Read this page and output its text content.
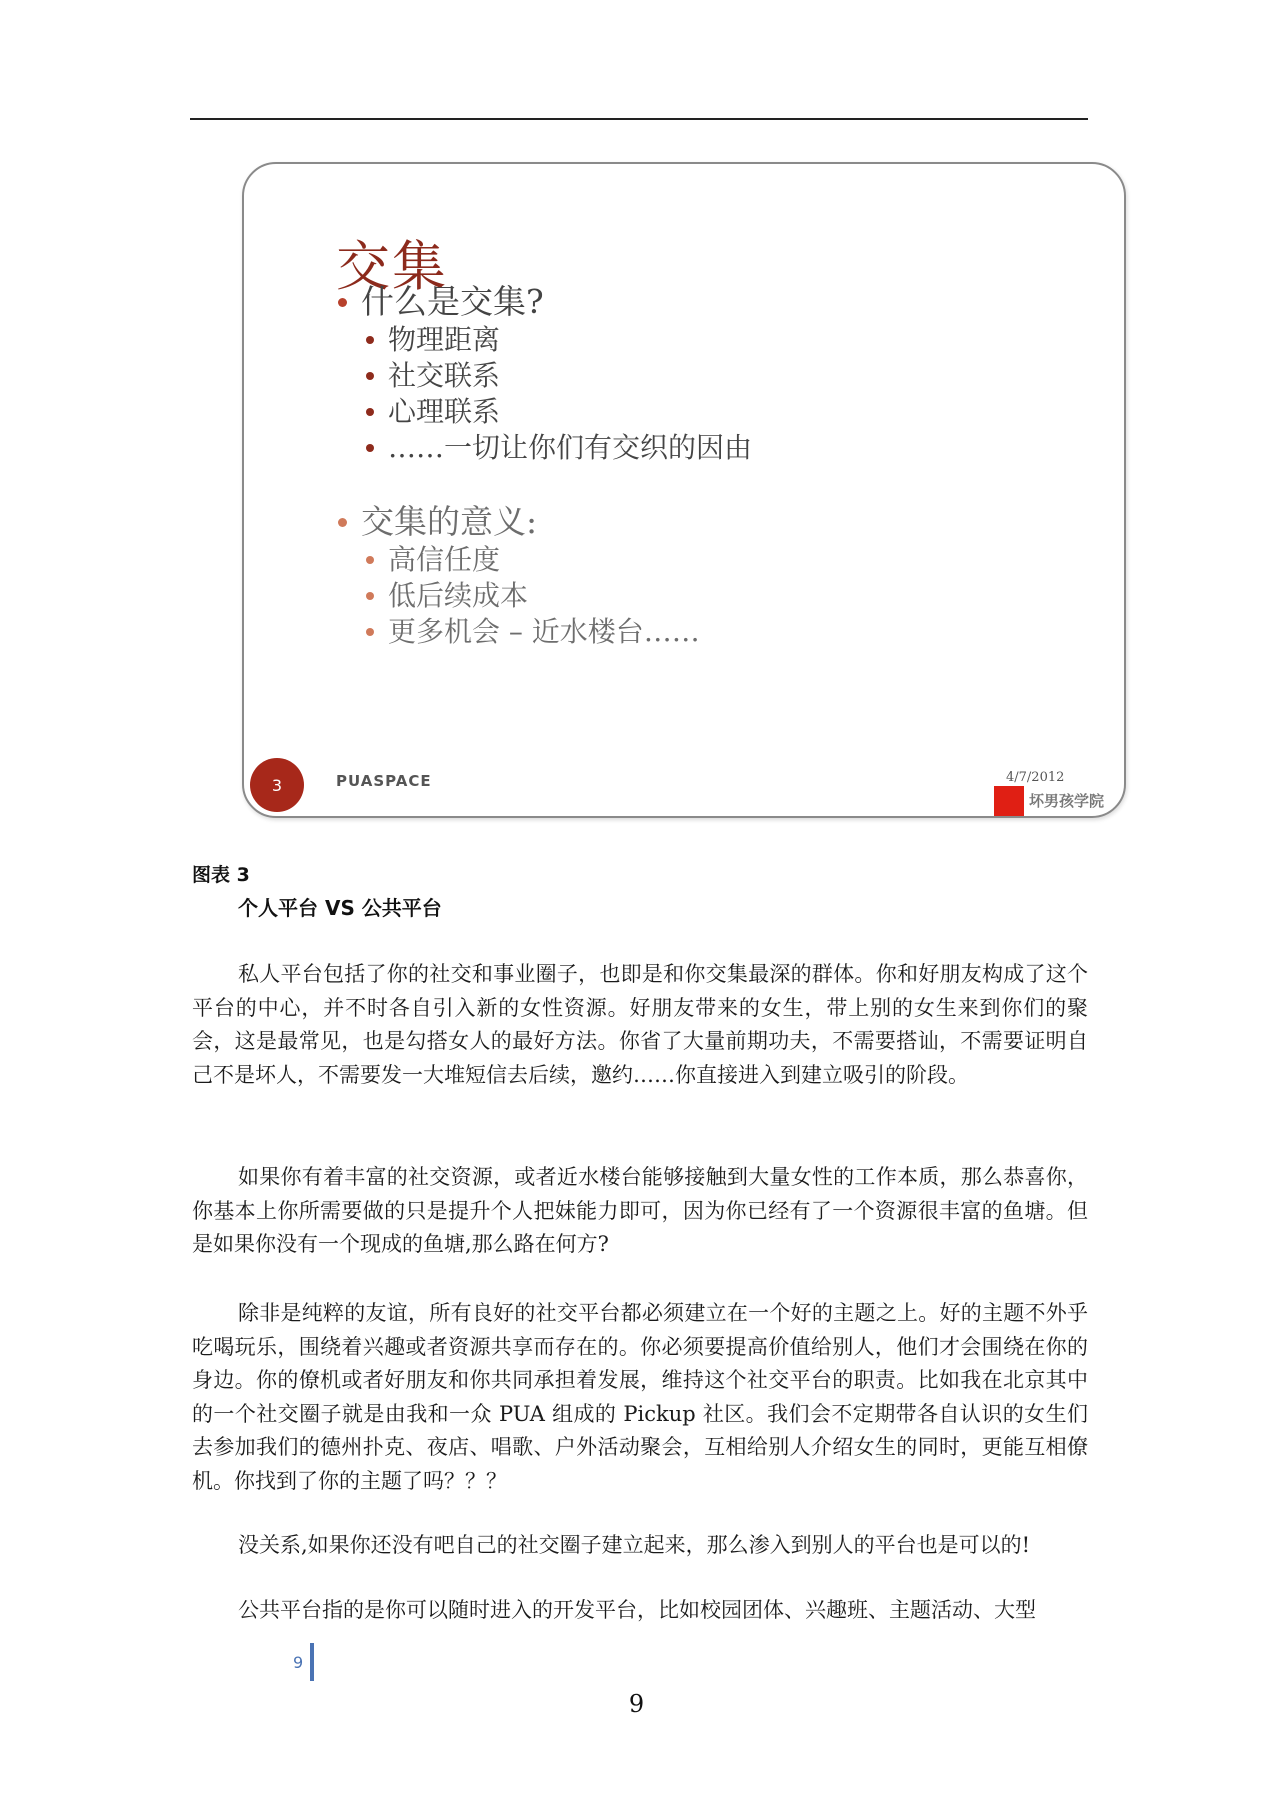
交集
什么是交集?
物理距离
社交联系
心理联系
……一切让你们有交织的因由
交集的意义:
高信任度
低后续成本
更多机会 – 近水楼台……
3	PUASPACE	4/7/2012
坏男孩学院
图表 3
个人平台 VS 公共平台
私人平台包括了你的社交和事业圈子，也即是和你交集最深的群体。你和好朋友构成了这个平台的中心，并不时各自引入新的女性资源。好朋友带来的女生，带上别的女生来到你们的聚会，这是最常见，也是勾搭女人的最好方法。你省了大量前期功夫，不需要搭讪，不需要证明自己不是坏人，不需要发一大堆短信去后续，邀约……你直接进入到建立吸引的阶段。
如果你有着丰富的社交资源，或者近水楼台能够接触到大量女性的工作本质，那么恭喜你，你基本上你所需要做的只是提升个人把妹能力即可，因为你已经有了一个资源很丰富的鱼塘。但是如果你没有一个现成的鱼塘,那么路在何方?
除非是纯粹的友谊，所有良好的社交平台都必须建立在一个好的主题之上。好的主题不外乎吃喝玩乐，围绕着兴趣或者资源共享而存在的。你必须要提高价值给别人，他们才会围绕在你的身边。你的僚机或者好朋友和你共同承担着发展，维持这个社交平台的职责。比如我在北京其中的一个社交圈子就是由我和一众 PUA 组成的 Pickup 社区。我们会不定期带各自认识的女生们去参加我们的德州扑克、夜店、唱歌、户外活动聚会，互相给别人介绍女生的同时，更能互相僚机。你找到了你的主题了吗？？？
没关系,如果你还没有吧自己的社交圈子建立起来，那么渗入到别人的平台也是可以的!
公共平台指的是你可以随时进入的开发平台，比如校园团体、兴趣班、主题活动、大型
9
9
